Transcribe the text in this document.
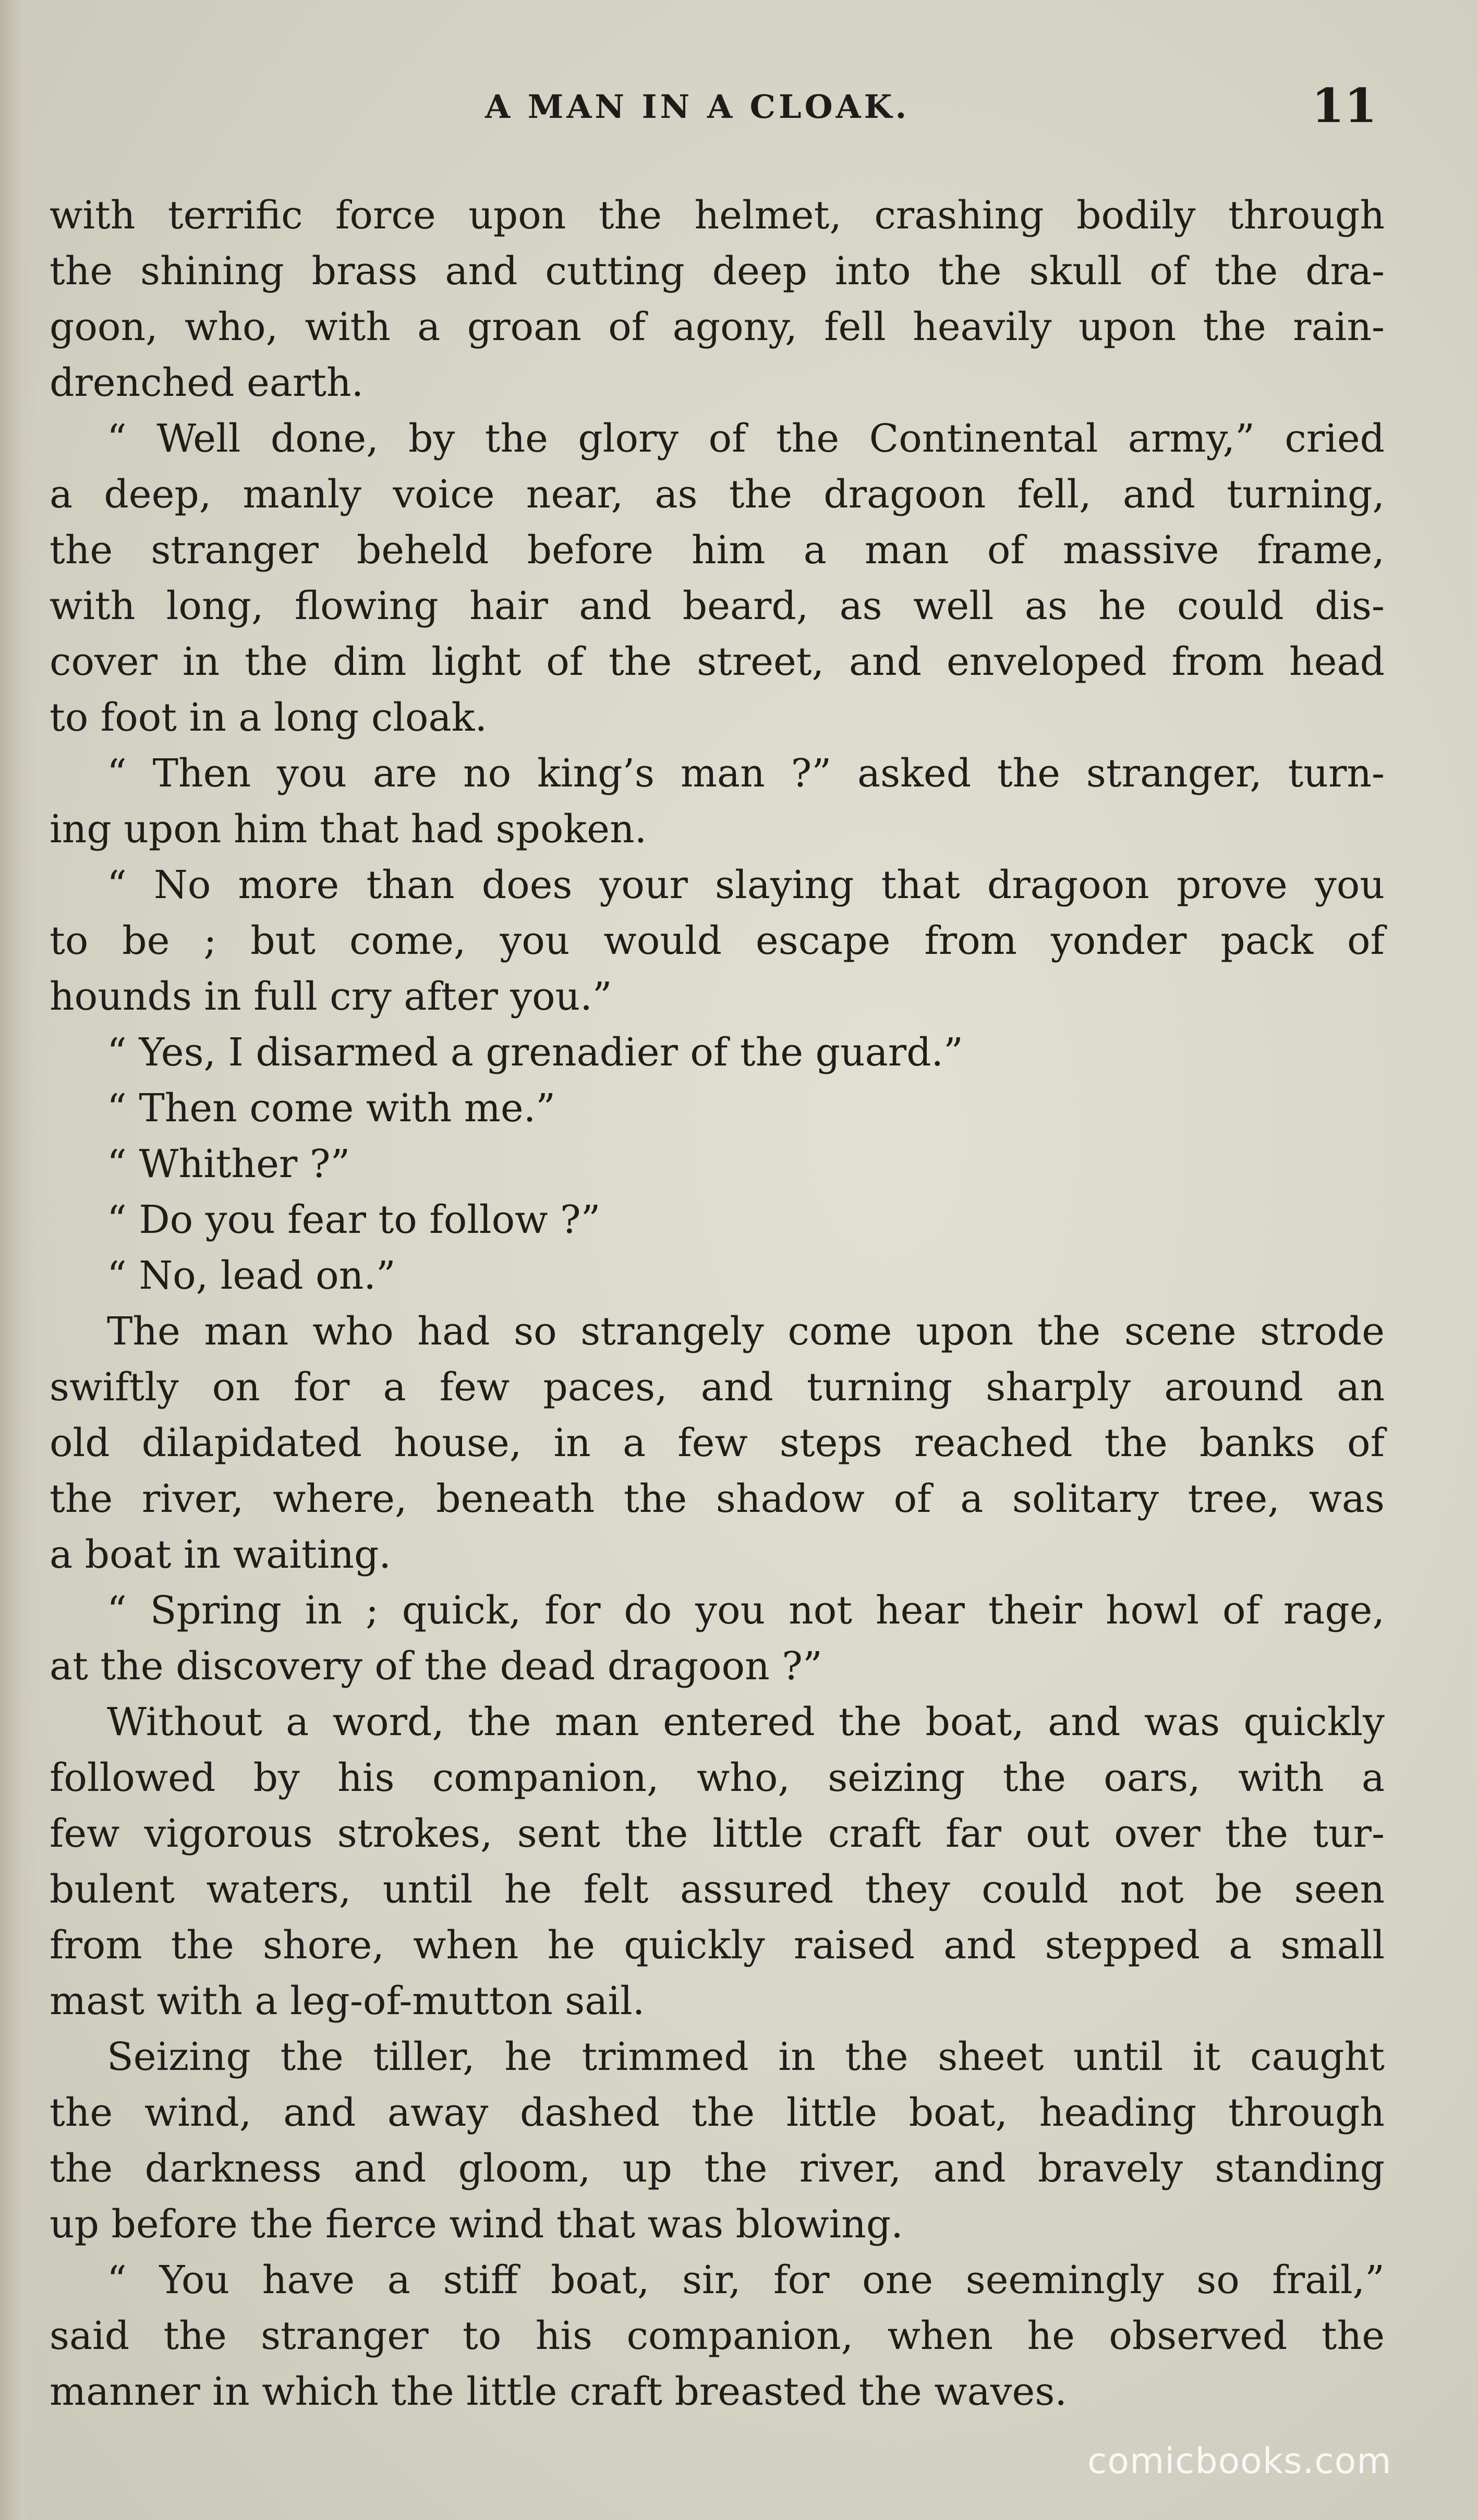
A MAN IN A CLOAK.	11
with terrific force upon the helmet, crashing bodily through
the shining brass and cutting deep into the skull of the dra-
goon, who, with a groan of agony, fell heavily upon the rain-
drenched earth.
“ Well done, by the glory of the Continental army,” cried
a deep, manly voice near, as the dragoon fell, and turning,
the stranger beheld before him a man of massive frame,
with long, flowing hair and beard, as well as he could dis-
cover in the dim light of the street, and enveloped from head
to foot in a long cloak.
“ Then you are no king’s man ?” asked the stranger, turn-
ing upon him that had spoken.
“ No more than does your slaying that dragoon prove you
to be ; but come, you would escape from yonder pack of
hounds in full cry after you.”
“ Yes, I disarmed a grenadier of the guard.”
“ Then come with me.”
“ Whither ?”
“ Do you fear to follow ?”
“ No, lead on.”
The man who had so strangely come upon the scene strode
swiftly on for a few paces, and turning sharply around an
old dilapidated house, in a few steps reached the banks of
the river, where, beneath the shadow of a solitary tree, was
a boat in waiting.
“ Spring in ; quick, for do you not hear their howl of rage,
at the discovery of the dead dragoon ?”
Without a word, the man entered the boat, and was quickly
followed by his companion, who, seizing the oars, with a
few vigorous strokes, sent the little craft far out over the tur-
bulent waters, until he felt assured they could not be seen
from the shore, when he quickly raised and stepped a small
mast with a leg-of-mutton sail.
Seizing the tiller, he trimmed in the sheet until it caught
the wind, and away dashed the little boat, heading through
the darkness and gloom, up the river, and bravely standing
up before the fierce wind that was blowing.
“ You have a stiff boat, sir, for one seemingly so frail,”
said the stranger to his companion, when he observed the
manner in which the little craft breasted the waves.
comicbooks.com
